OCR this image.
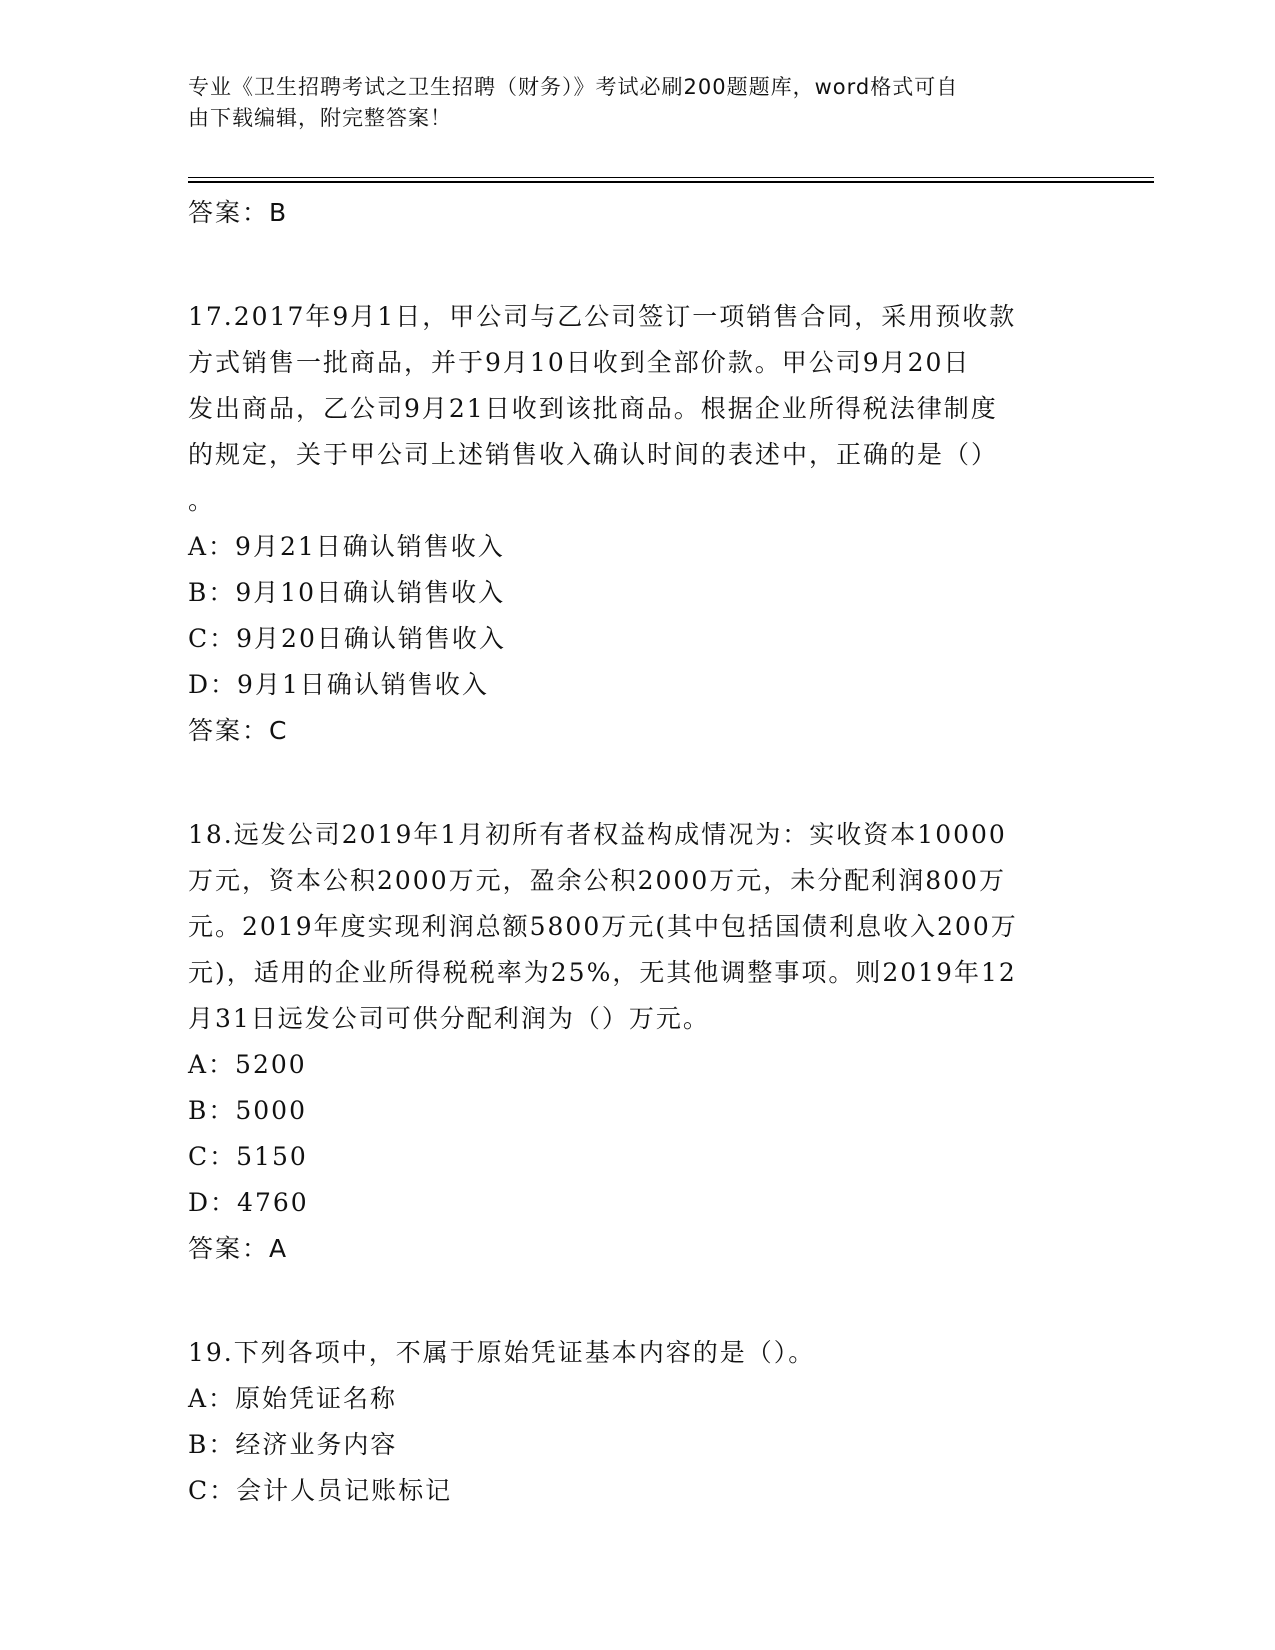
专业《卫生招聘考试之卫生招聘（财务）》考试必刷200题题库，word格式可自
由下载编辑，附完整答案！
答案：B
17.2017年9月1日，甲公司与乙公司签订一项销售合同，采用预收款
方式销售一批商品，并于9月10日收到全部价款。甲公司9月20日
发出商品，乙公司9月21日收到该批商品。根据企业所得税法律制度
的规定，关于甲公司上述销售收入确认时间的表述中，正确的是（）
。
A：9月21日确认销售收入
B：9月10日确认销售收入
C：9月20日确认销售收入
D：9月1日确认销售收入
答案：C
18.远发公司2019年1月初所有者权益构成情况为：实收资本10000
万元，资本公积2000万元，盈余公积2000万元，未分配利润800万
元。2019年度实现利润总额5800万元(其中包括国债利息收入200万
元)，适用的企业所得税税率为25%，无其他调整事项。则2019年12
月31日远发公司可供分配利润为（）万元。
A：5200
B：5000
C：5150
D：4760
答案：A
19.下列各项中，不属于原始凭证基本内容的是（）。
A：原始凭证名称
B：经济业务内容
C：会计人员记账标记
